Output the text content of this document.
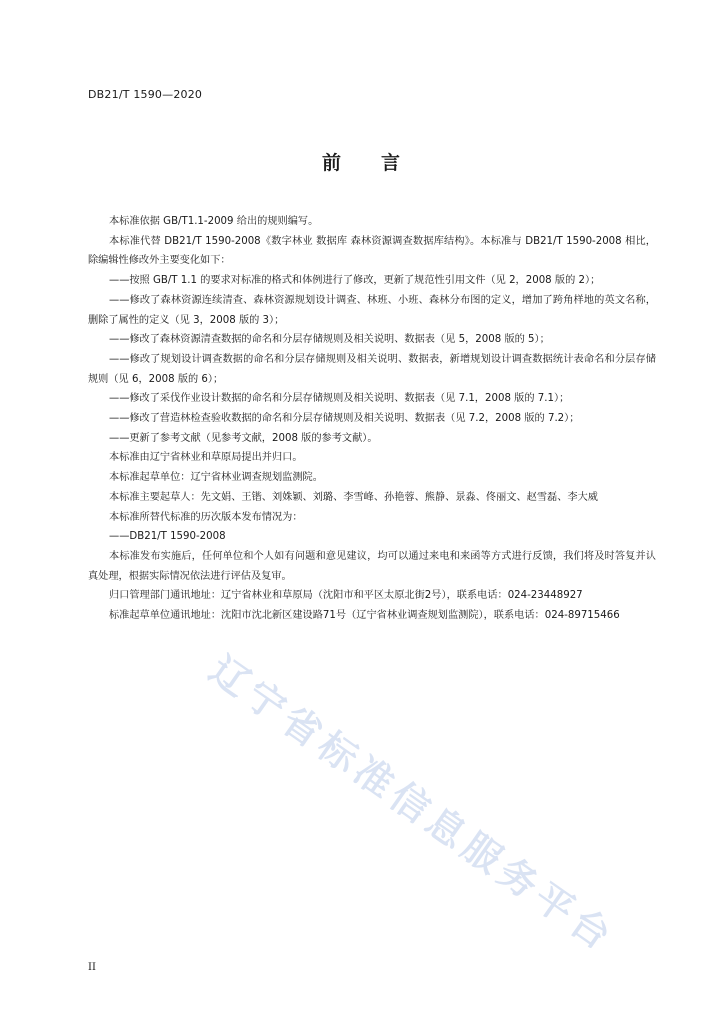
DB21/T 1590—2020
前 言

本标准依据 GB/T1.1-2009 给出的规则编写。

本标准代替 DB21/T 1590-2008《数字林业 数据库 森林资源调查数据库结构》。本标准与 DB21/T 1590-2008 相比，除编辑性修改外主要变化如下：

——按照 GB/T 1.1 的要求对标准的格式和体例进行了修改，更新了规范性引用文件（见 2，2008 版的 2）；

——修改了森林资源连续清查、森林资源规划设计调查、林班、小班、森林分布图的定义，增加了跨角样地的英文名称，删除了属性的定义（见 3，2008 版的 3）；

——修改了森林资源清查数据的命名和分层存储规则及相关说明、数据表（见 5，2008 版的 5）；

——修改了规划设计调查数据的命名和分层存储规则及相关说明、数据表，新增规划设计调查数据统计表命名和分层存储规则（见 6，2008 版的 6）；

——修改了采伐作业设计数据的命名和分层存储规则及相关说明、数据表（见 7.1，2008 版的 7.1）；

——修改了营造林检查验收数据的命名和分层存储规则及相关说明、数据表（见 7.2，2008 版的 7.2）；

——更新了参考文献（见参考文献，2008 版的参考文献）。

本标准由辽宁省林业和草原局提出并归口。

本标准起草单位：辽宁省林业调查规划监测院。

本标准主要起草人：先文娟、王锴、刘姝颖、刘璐、李雪峰、孙艳蓉、熊静、景淼、佟丽文、赵雪磊、李大威

本标准所替代标准的历次版本发布情况为：

——DB21/T 1590-2008

本标准发布实施后，任何单位和个人如有问题和意见建议，均可以通过来电和来函等方式进行反馈，我们将及时答复并认真处理，根据实际情况依法进行评估及复审。

归口管理部门通讯地址：辽宁省林业和草原局（沈阳市和平区太原北街2号），联系电话：024-23448927

标准起草单位通讯地址：沈阳市沈北新区建设路71号（辽宁省林业调查规划监测院），联系电话：024-89715466

辽宁省标准信息服务平台
II
